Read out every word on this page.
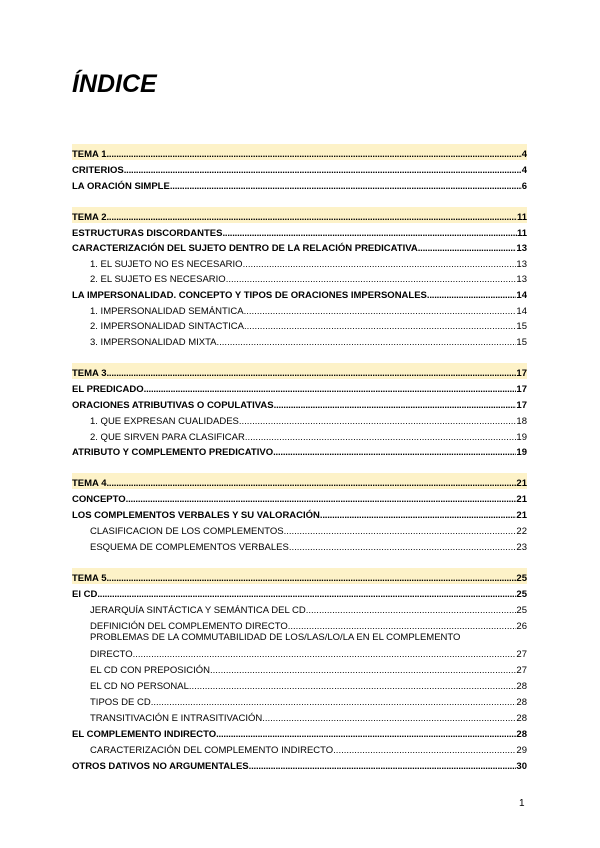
ÍNDICE
TEMA 1 .....	4
CRITERIOS .....	4
LA ORACIÓN SIMPLE .....	6
TEMA 2 .....	11
ESTRUCTURAS DISCORDANTES .....	11
CARACTERIZACIÓN DEL SUJETO DENTRO DE LA RELACIÓN PREDICATIVA .....	13
1. EL SUJETO NO ES NECESARIO .....	13
2. EL SUJETO ES NECESARIO .....	13
LA IMPERSONALIDAD. CONCEPTO Y TIPOS DE ORACIONES IMPERSONALES .....	14
1. IMPERSONALIDAD SEMÁNTICA .....	14
2. IMPERSONALIDAD SINTACTICA .....	15
3. IMPERSONALIDAD MIXTA .....	15
TEMA 3 .....	17
EL PREDICADO .....	17
ORACIONES ATRIBUTIVAS O COPULATIVAS .....	17
1. QUE EXPRESAN CUALIDADES .....	18
2. QUE SIRVEN PARA CLASIFICAR .....	19
ATRIBUTO Y COMPLEMENTO PREDICATIVO .....	19
TEMA 4 .....	21
CONCEPTO .....	21
LOS COMPLEMENTOS VERBALES Y SU VALORACIÓN .....	21
CLASIFICACION DE LOS COMPLEMENTOS .....	22
ESQUEMA DE COMPLEMENTOS VERBALES .....	23
TEMA 5 .....	25
El CD .....	25
JERARQUÍA SINTÁCTICA Y SEMÁNTICA DEL CD .....	25
DEFINICIÓN DEL COMPLEMENTO DIRECTO .....	26
PROBLEMAS DE LA COMMUTABILIDAD DE LOS/LAS/LO/LA EN EL COMPLEMENTO
DIRECTO .....	27
EL CD CON PREPOSICIÓN .....	27
EL CD NO PERSONAL .....	28
TIPOS DE CD .....	28
TRANSITIVACIÓN E INTRASITIVACIÓN .....	28
EL COMPLEMENTO INDIRECTO .....	28
CARACTERIZACIÓN DEL COMPLEMENTO INDIRECTO .....	29
OTROS DATIVOS NO ARGUMENTALES .....	30
1
